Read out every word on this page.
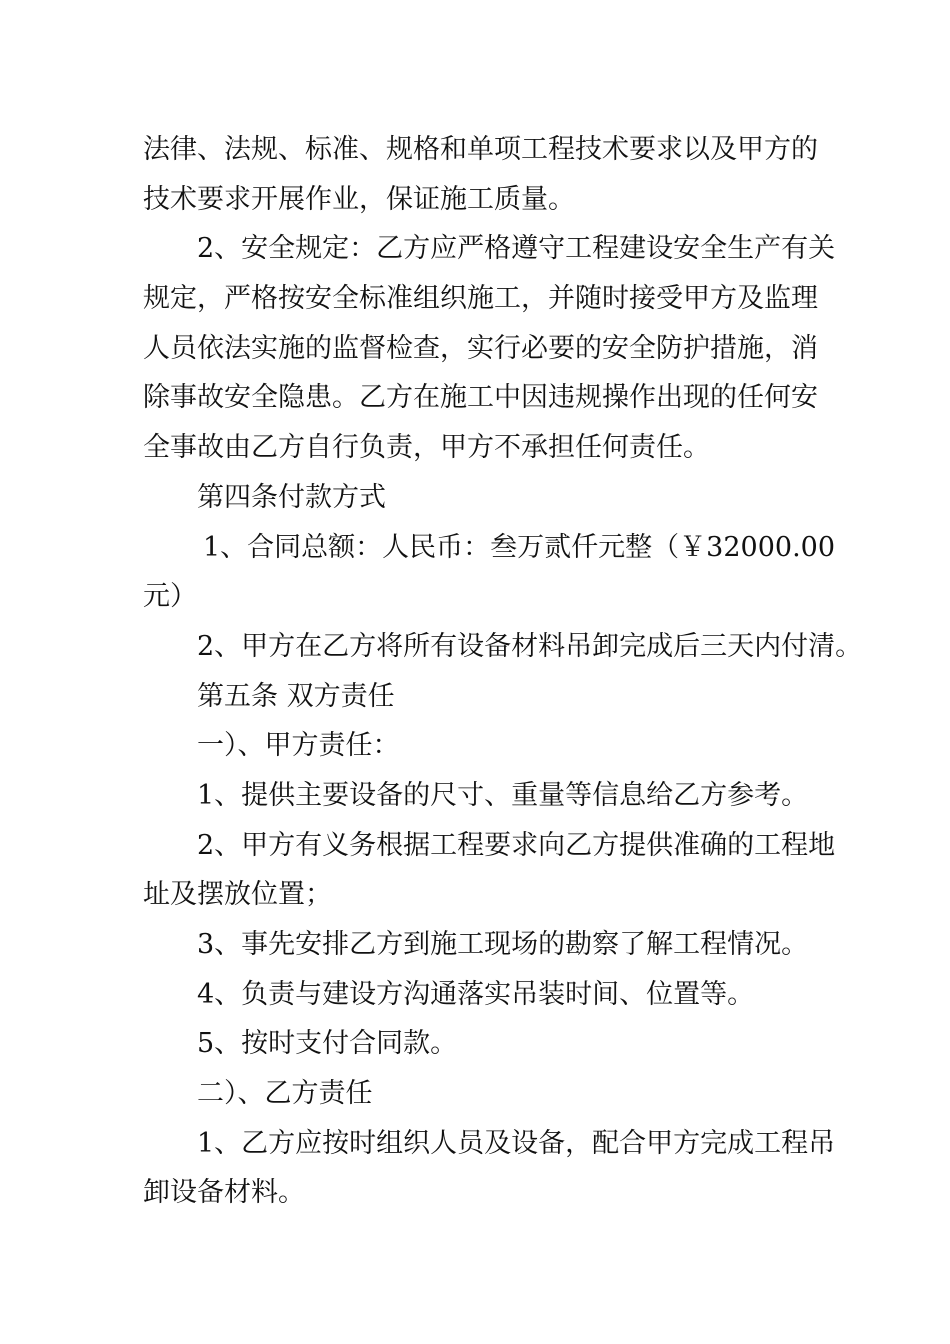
法律、法规、标准、规格和单项工程技术要求以及甲方的
技术要求开展作业，保证施工质量。
2、安全规定：乙方应严格遵守工程建设安全生产有关
规定，严格按安全标准组织施工，并随时接受甲方及监理
人员依法实施的监督检查，实行必要的安全防护措施，消
除事故安全隐患。乙方在施工中因违规操作出现的任何安
全事故由乙方自行负责，甲方不承担任何责任。
第四条付款方式
1、合同总额：人民币：叁万贰仟元整（￥32000.00
元）
2、甲方在乙方将所有设备材料吊卸完成后三天内付清。
第五条 双方责任
一）、甲方责任：
1、提供主要设备的尺寸、重量等信息给乙方参考。
2、甲方有义务根据工程要求向乙方提供准确的工程地
址及摆放位置；
3、事先安排乙方到施工现场的勘察了解工程情况。
4、负责与建设方沟通落实吊装时间、位置等。
5、按时支付合同款。
二）、乙方责任
1、乙方应按时组织人员及设备，配合甲方完成工程吊
卸设备材料。
